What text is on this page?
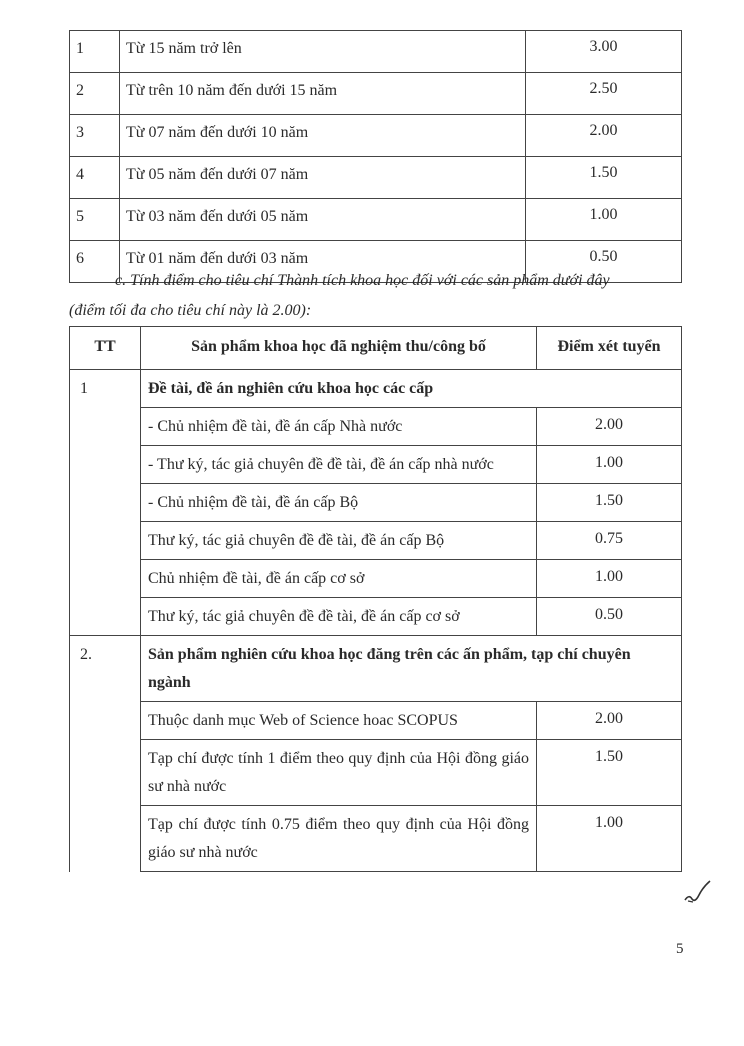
1	Từ 15 năm trở lên	3.00
2	Từ trên 10 năm đến dưới 15 năm	2.50
3	Từ 07 năm đến dưới 10 năm	2.00
4	Từ 05 năm đến dưới 07 năm	1.50
5	Từ 03 năm đến dưới 05 năm	1.00
6	Từ 01 năm đến dưới 03 năm	0.50
c. Tính điểm cho tiêu chí Thành tích khoa học đối với các sản phẩm dưới đây
(điểm tối đa cho tiêu chí này là 2.00):
TT	Sản phẩm khoa học đã nghiệm thu/công bố	Điểm xét tuyển
1	Đề tài, đề án nghiên cứu khoa học các cấp	
	- Chủ nhiệm đề tài, đề án cấp Nhà nước	2.00
	- Thư ký, tác giả chuyên đề đề tài, đề án cấp nhà nước	1.00
	- Chủ nhiệm đề tài, đề án cấp Bộ	1.50
	Thư ký, tác giả chuyên đề đề tài, đề án cấp Bộ	0.75
	Chủ nhiệm đề tài, đề án cấp cơ sở	1.00
	Thư ký, tác giả chuyên đề đề tài, đề án cấp cơ sở	0.50
2.	Sản phẩm nghiên cứu khoa học đăng trên các ấn phẩm, tạp chí chuyên ngành	
	Thuộc danh mục Web of Science hoac SCOPUS	2.00
	Tạp chí được tính 1 điểm theo quy định của Hội đồng giáo sư nhà nước	1.50
	Tạp chí được tính 0.75 điểm theo quy định của Hội đồng giáo sư nhà nước	1.00
5
